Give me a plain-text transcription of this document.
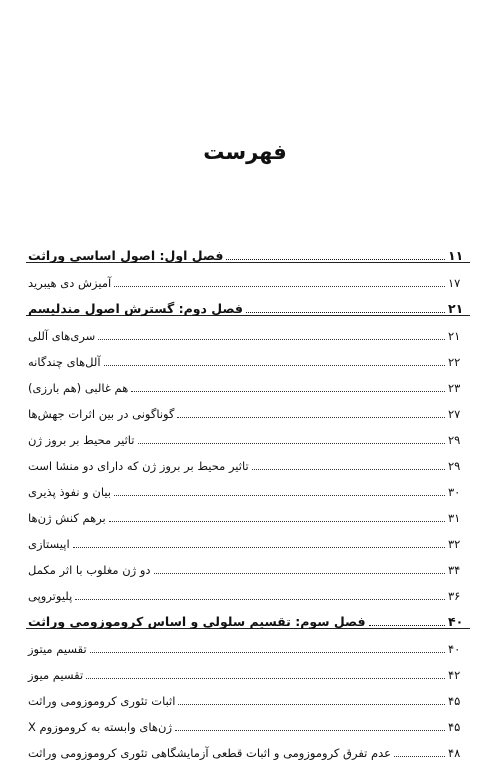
فهرست
فصل اول: اصول اساسی وراثت	۱۱
آمیزش دی هیبرید	۱۷
فصل دوم: گسترش اصول مندلیسم	۲۱
سری‌های آللی	۲۱
آلل‌های چندگانه	۲۲
هم غالبی (هم بارزی)	۲۳
گوناگونی در بین اثرات جهش‌ها	۲۷
تاثیر محیط بر بروز ژن	۲۹
تاثیر محیط بر بروز ژن که دارای دو منشا است	۲۹
بیان و نفوذ پذیری	۳۰
برهم کنش ژن‌ها	۳۱
اپیستازی	۳۲
دو ژن مغلوب با اثر مکمل	۳۴
پلیوتروپی	۳۶
فصل سوم: تقسیم سلولی و اساس کروموزومی وراثت	۴۰
تقسیم میتوز	۴۰
تقسیم میوز	۴۲
اثبات تئوری کروموزومی وراثت	۴۵
ژن‌های وابسته به کروموزوم X	۴۵
عدم تفرق کروموزومی و اثبات قطعی آزمایشگاهی تئوری کروموزومی وراثت	۴۸
